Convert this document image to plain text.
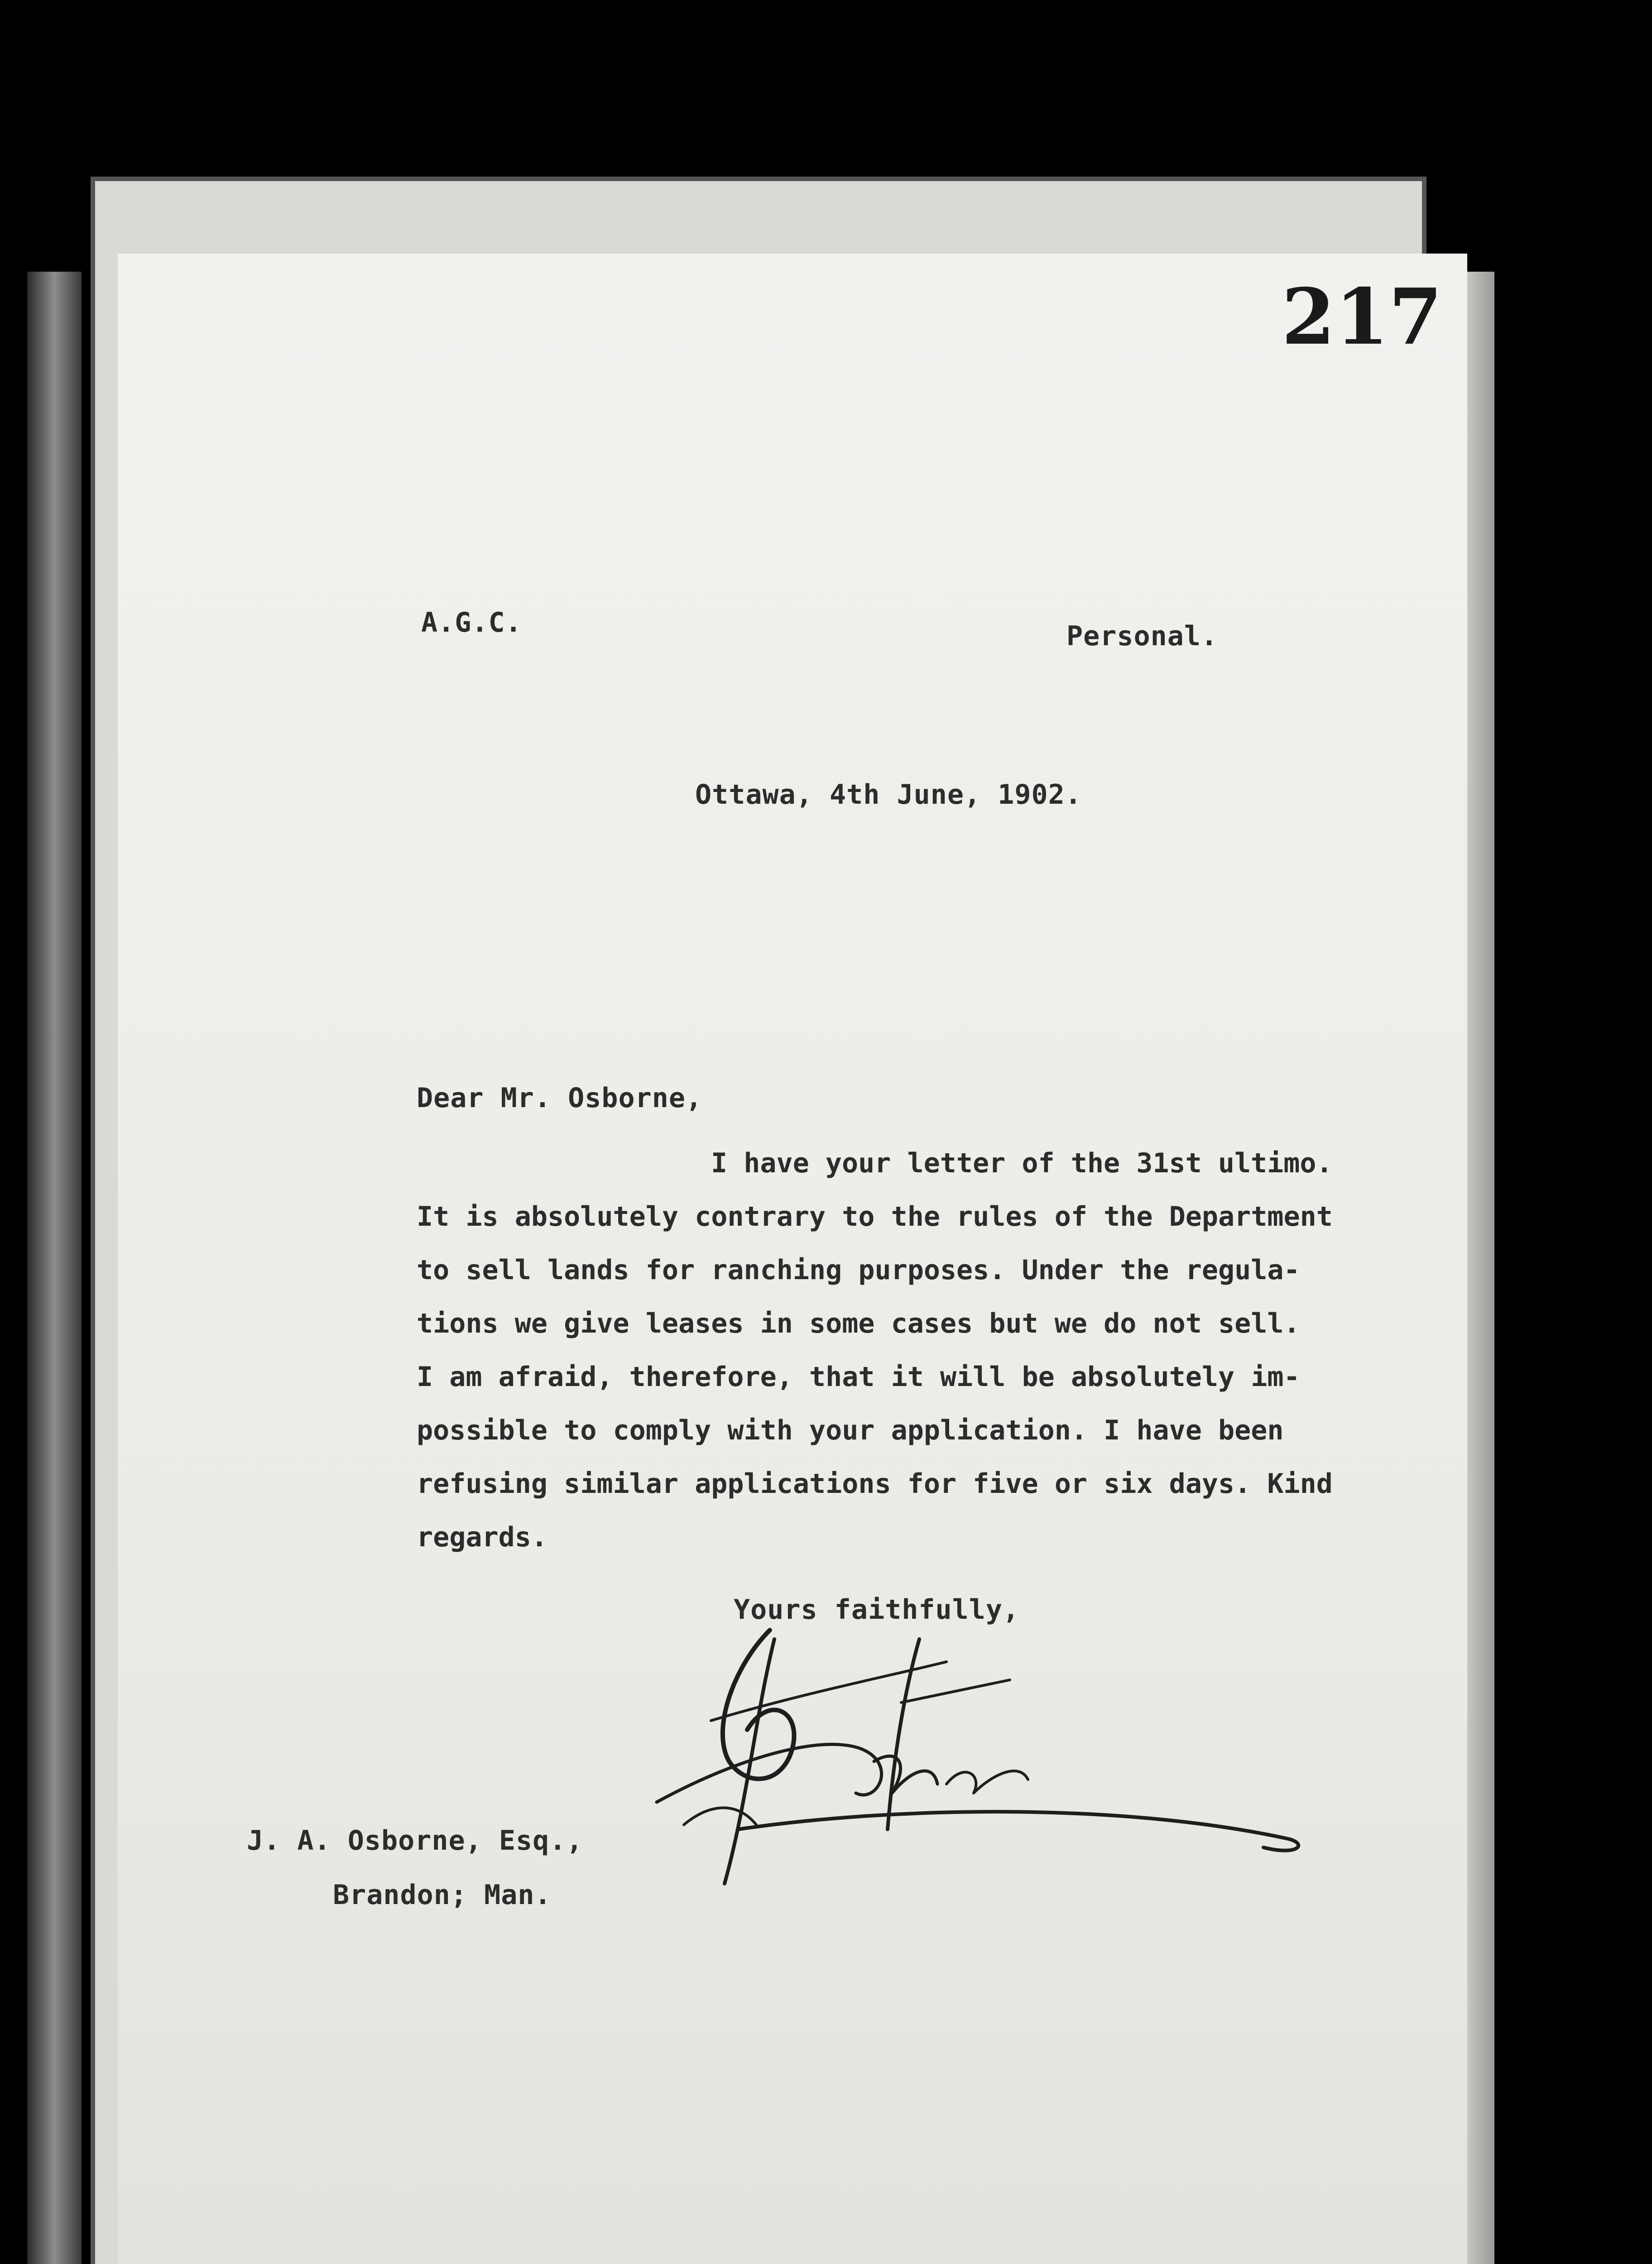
217
A.G.C.	Personal.
Ottawa, 4th June, 1902.
Dear Mr. Osborne,
I have your letter of the 31st ultimo.
It is absolutely contrary to the rules of the Department
to sell lands for ranching purposes. Under the regula-
tions we give leases in some cases but we do not sell.
I am afraid, therefore, that it will be absolutely im-
possible to comply with your application. I have been
refusing similar applications for five or six days. Kind
regards.
Yours faithfully,
J. A. Osborne, Esq.,
Brandon; Man.
